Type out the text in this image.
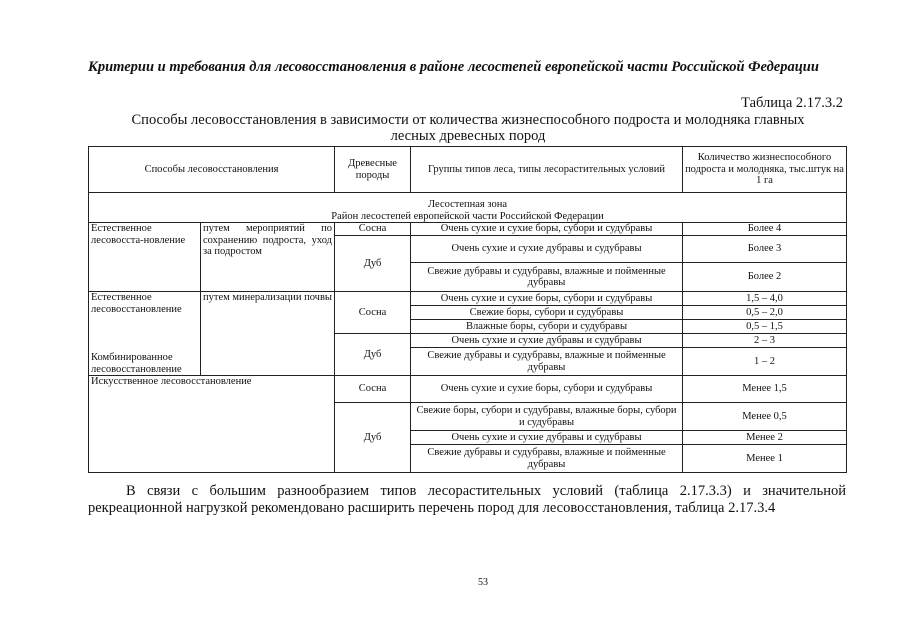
Критерии и требования для лесовосстановления в районе лесостепей европейской части Российской Федерации
Таблица 2.17.3.2
Способы лесовосстановления в зависимости от количества жизнеспособного подроста и молодняка главных лесных древесных пород
Способы лесовосстановления		Древесные породы	Группы типов леса, типы лесорастительных условий	Количество жизнеспособного подроста и молодняка, тыс.штук на 1 га

Лесостепная зона
Район лесостепей европейской части Российской Федерации				

Естественное лесовосста-новление	путем мероприятий по сохранению подроста, уход за подростом	Сосна	Очень сухие и сухие боры, субори и судубравы	Более 4
		Дуб	Очень сухие и сухие дубравы и судубравы	Более 3
			Свежие дубравы и судубравы, влажные и пойменные дубравы	Более 2
Естественное лесовосстановление	путем минерализации почвы	Сосна	Очень сухие и сухие боры, субори и судубравы	1,5 – 4,0
			Свежие боры, субори и судубравы	0,5 – 2,0
			Влажные боры, субори и судубравы	0,5 – 1,5
Комбинированное лесовосстановление		Дуб	Очень сухие и сухие дубравы и судубравы	2 – 3
			Свежие дубравы и судубравы, влажные и пойменные дубравы	1 – 2
Искусственное лесовосстановление		Сосна	Очень сухие и сухие боры, субори и судубравы	Менее 1,5
		Дуб	Свежие боры, субори и судубравы, влажные боры, субори и судубравы	Менее 0,5
			Очень сухие и сухие дубравы и судубравы	Менее 2
			Свежие дубравы и судубравы, влажные и пойменные дубравы	Менее 1
В связи с большим разнообразием типов лесорастительных условий (таблица 2.17.3.3) и значительной рекреационной нагрузкой рекомендовано расширить перечень пород для лесовосстановления, таблица 2.17.3.4
53
